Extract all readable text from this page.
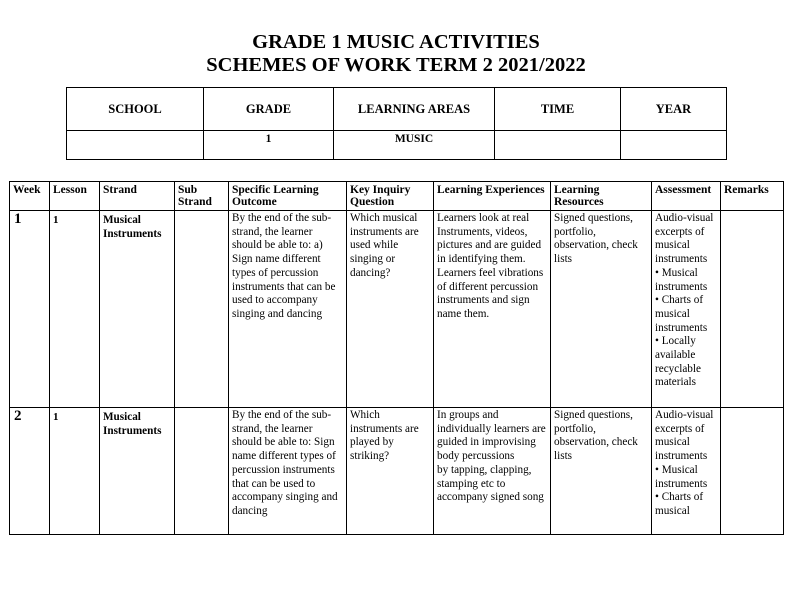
GRADE 1 MUSIC ACTIVITIES
SCHEMES OF WORK TERM 2 2021/2022
SCHOOL	GRADE	LEARNING AREAS	TIME	YEAR
	1	MUSIC		
Week	Lesson	Strand	Sub Strand	Specific Learning Outcome	Key Inquiry Question	Learning Experiences	Learning Resources	Assessment	Remarks
1	1	Musical Instruments		By the end of the sub-strand, the learner should be able to: a) Sign name different types of percussion instruments that can be used to accompany singing and dancing	Which musical instruments are used while singing or dancing?	Learners look at real Instruments, videos, pictures and are guided in identifying them.
Learners feel vibrations of different percussion instruments and sign name them.	Signed questions, portfolio, observation, check lists	Audio-visual excerpts of musical instruments
• Musical instruments
• Charts of musical instruments
• Locally available recyclable materials	

2	1	Musical Instruments		By the end of the sub-strand, the learner should be able to: Sign name different types of percussion instruments that can be used to accompany singing and dancing	Which instruments are played by striking?	In groups and individually learners are guided in improvising body percussions
by tapping, clapping, stamping etc to accompany signed song	Signed questions, portfolio, observation, check lists	Audio-visual excerpts of musical instruments
• Musical instruments
• Charts of musical	
